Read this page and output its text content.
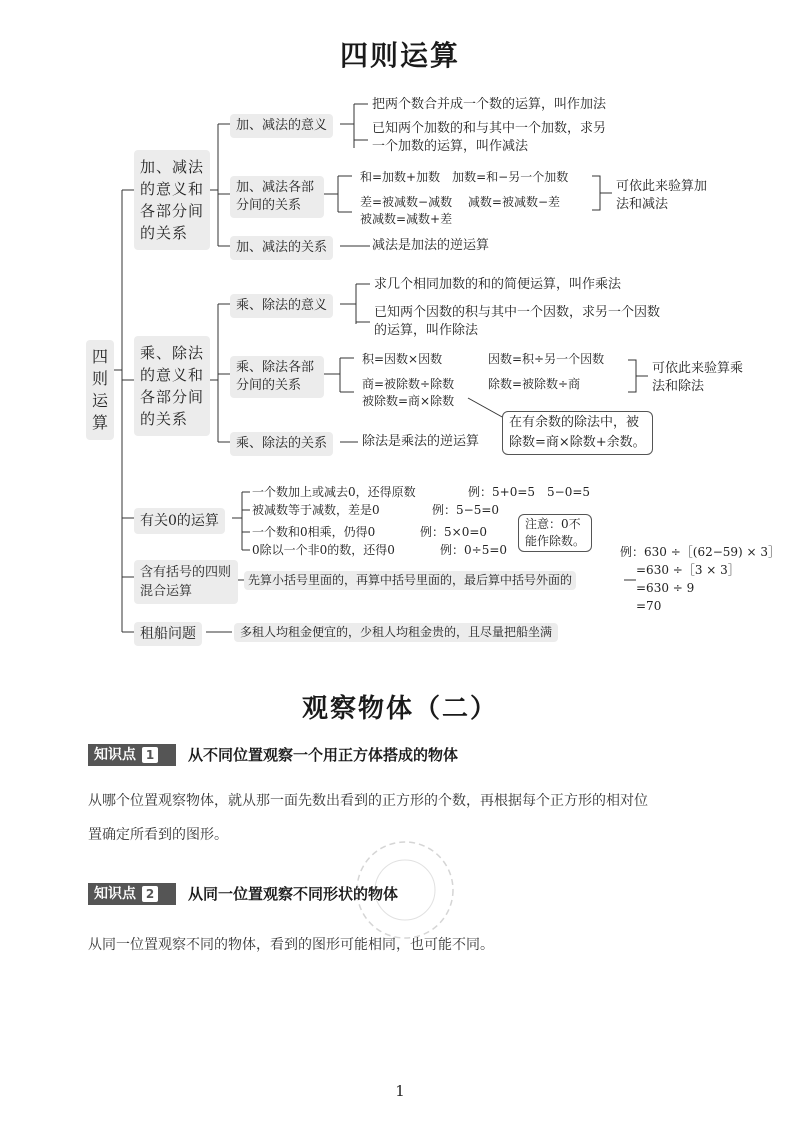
四则运算
四则运算
加、减法的意义和各部分间的关系
加、减法的意义
把两个数合并成一个数的运算，叫作加法
已知两个加数的和与其中一个加数，求另
一个加数的运算，叫作减法
加、减法各部分间的关系
和=加数+加数　加数=和−另一个加数
差=被减数−减数　 减数=被减数−差
被减数=减数+差
可依此来验算加法和减法
加、减法的关系	减法是加法的逆运算
乘、除法的意义和各部分间的关系
乘、除法的意义
求几个相同加数的和的简便运算，叫作乘法
已知两个因数的积与其中一个因数，求另一个因数
的运算，叫作除法
乘、除法各部分间的关系
积=因数×因数	因数=积÷另一个因数
商=被除数÷除数	除数=被除数÷商
被除数=商×除数
可依此来验算乘法和除法
在有余数的除法中，被
除数=商×除数+余数。
乘、除法的关系	除法是乘法的逆运算
有关0的运算
一个数加上或减去0，还得原数	例：5+0=5　5−0=5
被减数等于减数，差是0	例：5−5=0
一个数和0相乘，仍得0	例：5×0=0
0除以一个非0的数，还得0	例：0÷5=0
注意：0不
能作除数。
含有括号的四则混合运算
先算小括号里面的，再算中括号里面的，最后算中括号外面的
例：630 ÷［(62−59) × 3］
=630 ÷［3 × 3］
=630 ÷ 9
=70
租船问题	多租人均租金便宜的，少租人均租金贵的，且尽量把船坐满
观察物体（二）
知识点 1	从不同位置观察一个用正方体搭成的物体
从哪个位置观察物体，就从那一面先数出看到的正方形的个数，再根据每个正方形的相对位
置确定所看到的图形。
知识点 2	从同一位置观察不同形状的物体
从同一位置观察不同的物体，看到的图形可能相同，也可能不同。
1
